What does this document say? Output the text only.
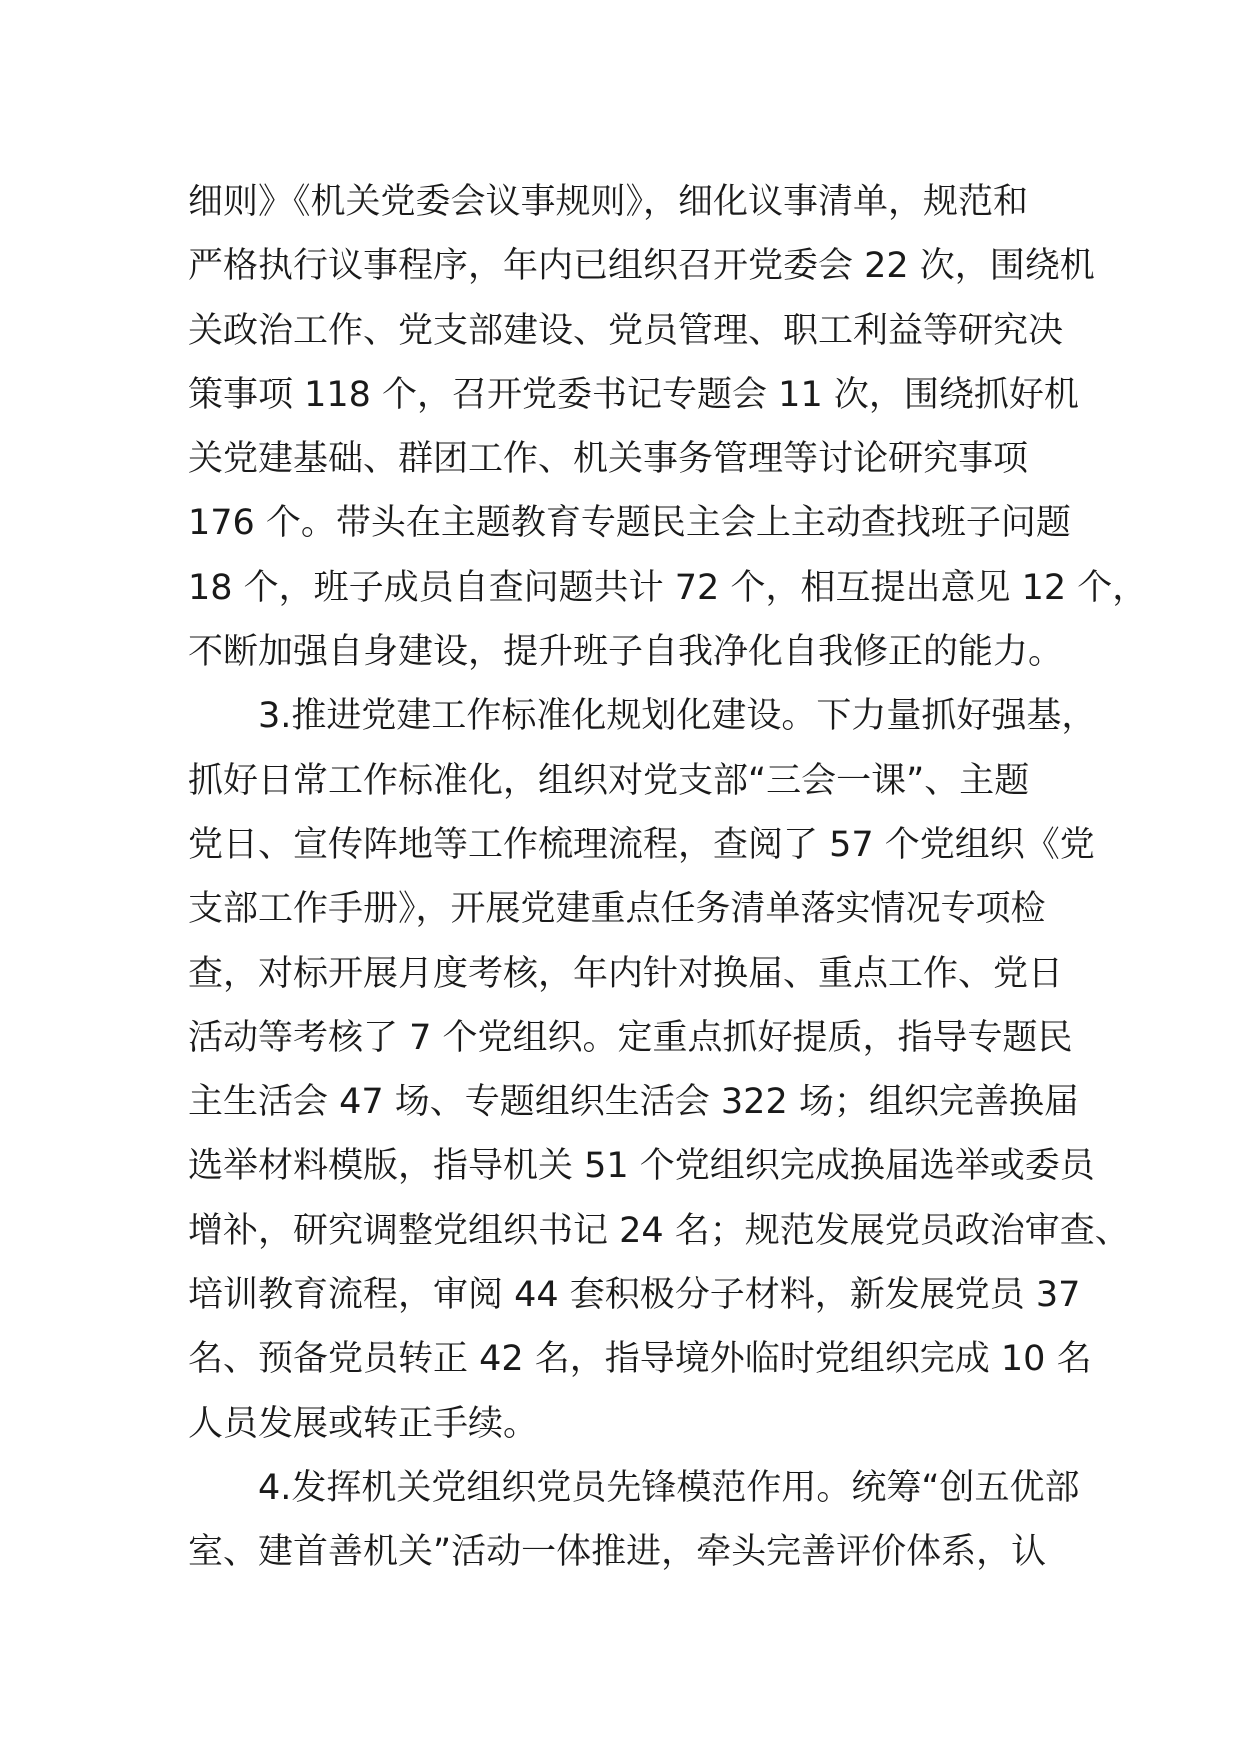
细则》《机关党委会议事规则》，细化议事清单，规范和
严格执行议事程序，年内已组织召开党委会 22 次，围绕机
关政治工作、党支部建设、党员管理、职工利益等研究决
策事项 118 个，召开党委书记专题会 11 次，围绕抓好机
关党建基础、群团工作、机关事务管理等讨论研究事项
176 个。带头在主题教育专题民主会上主动查找班子问题
18 个，班子成员自查问题共计 72 个，相互提出意见 12 个，
不断加强自身建设，提升班子自我净化自我修正的能力。
3.推进党建工作标准化规划化建设。下力量抓好强基，
抓好日常工作标准化，组织对党支部“三会一课”、主题
党日、宣传阵地等工作梳理流程，查阅了 57 个党组织《党
支部工作手册》，开展党建重点任务清单落实情况专项检
查，对标开展月度考核，年内针对换届、重点工作、党日
活动等考核了 7 个党组织。定重点抓好提质，指导专题民
主生活会 47 场、专题组织生活会 322 场；组织完善换届
选举材料模版，指导机关 51 个党组织完成换届选举或委员
增补，研究调整党组织书记 24 名；规范发展党员政治审查、
培训教育流程，审阅 44 套积极分子材料，新发展党员 37
名、预备党员转正 42 名，指导境外临时党组织完成 10 名
人员发展或转正手续。
4.发挥机关党组织党员先锋模范作用。统筹“创五优部
室、建首善机关”活动一体推进，牵头完善评价体系，认
